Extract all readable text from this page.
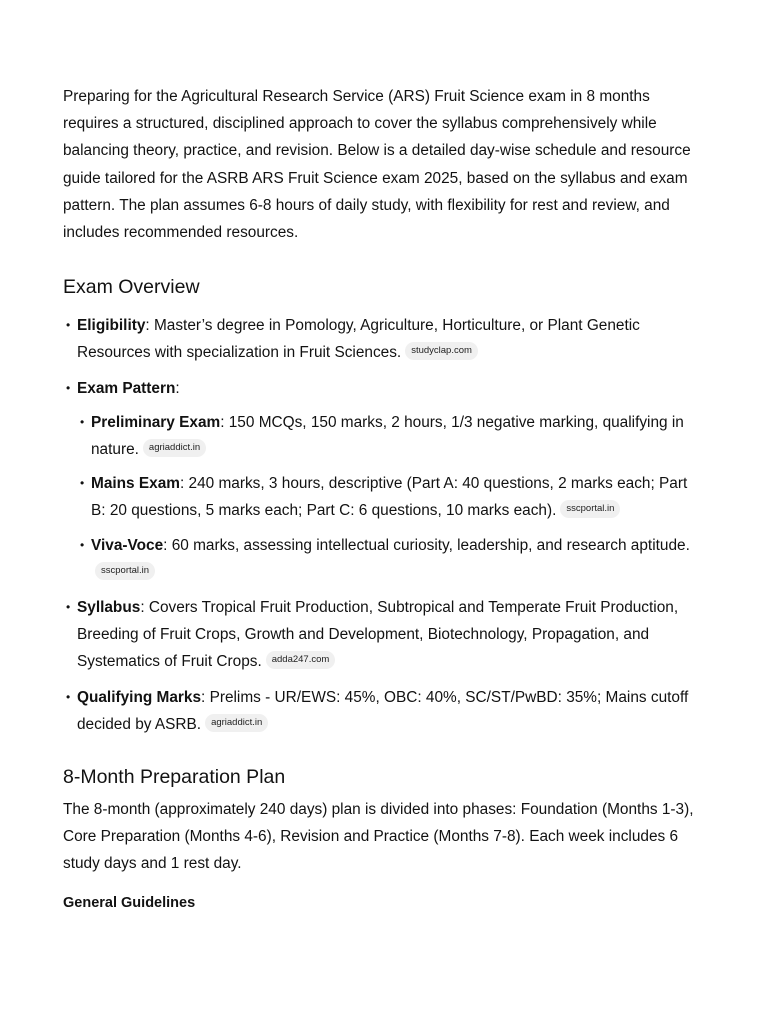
Preparing for the Agricultural Research Service (ARS) Fruit Science exam in 8 months requires a structured, disciplined approach to cover the syllabus comprehensively while balancing theory, practice, and revision. Below is a detailed day-wise schedule and resource guide tailored for the ASRB ARS Fruit Science exam 2025, based on the syllabus and exam pattern. The plan assumes 6-8 hours of daily study, with flexibility for rest and review, and includes recommended resources.

Exam Overview
• Eligibility: Master’s degree in Pomology, Agriculture, Horticulture, or Plant Genetic Resources with specialization in Fruit Sciences. studyclap.com
• Exam Pattern:
• Preliminary Exam: 150 MCQs, 150 marks, 2 hours, 1/3 negative marking, qualifying in nature. agriaddict.in
• Mains Exam: 240 marks, 3 hours, descriptive (Part A: 40 questions, 2 marks each; Part B: 20 questions, 5 marks each; Part C: 6 questions, 10 marks each). sscportal.in
• Viva-Voce: 60 marks, assessing intellectual curiosity, leadership, and research aptitude.sscportal.in
• Syllabus: Covers Tropical Fruit Production, Subtropical and Temperate Fruit Production, Breeding of Fruit Crops, Growth and Development, Biotechnology, Propagation, and Systematics of Fruit Crops. adda247.com
• Qualifying Marks: Prelims - UR/EWS: 45%, OBC: 40%, SC/ST/PwBD: 35%; Mains cutoff decided by ASRB. agriaddict.in
8-Month Preparation Plan

The 8-month (approximately 240 days) plan is divided into phases: Foundation (Months 1-3), Core Preparation (Months 4-6), Revision and Practice (Months 7-8). Each week includes 6 study days and 1 rest day.

General Guidelines
